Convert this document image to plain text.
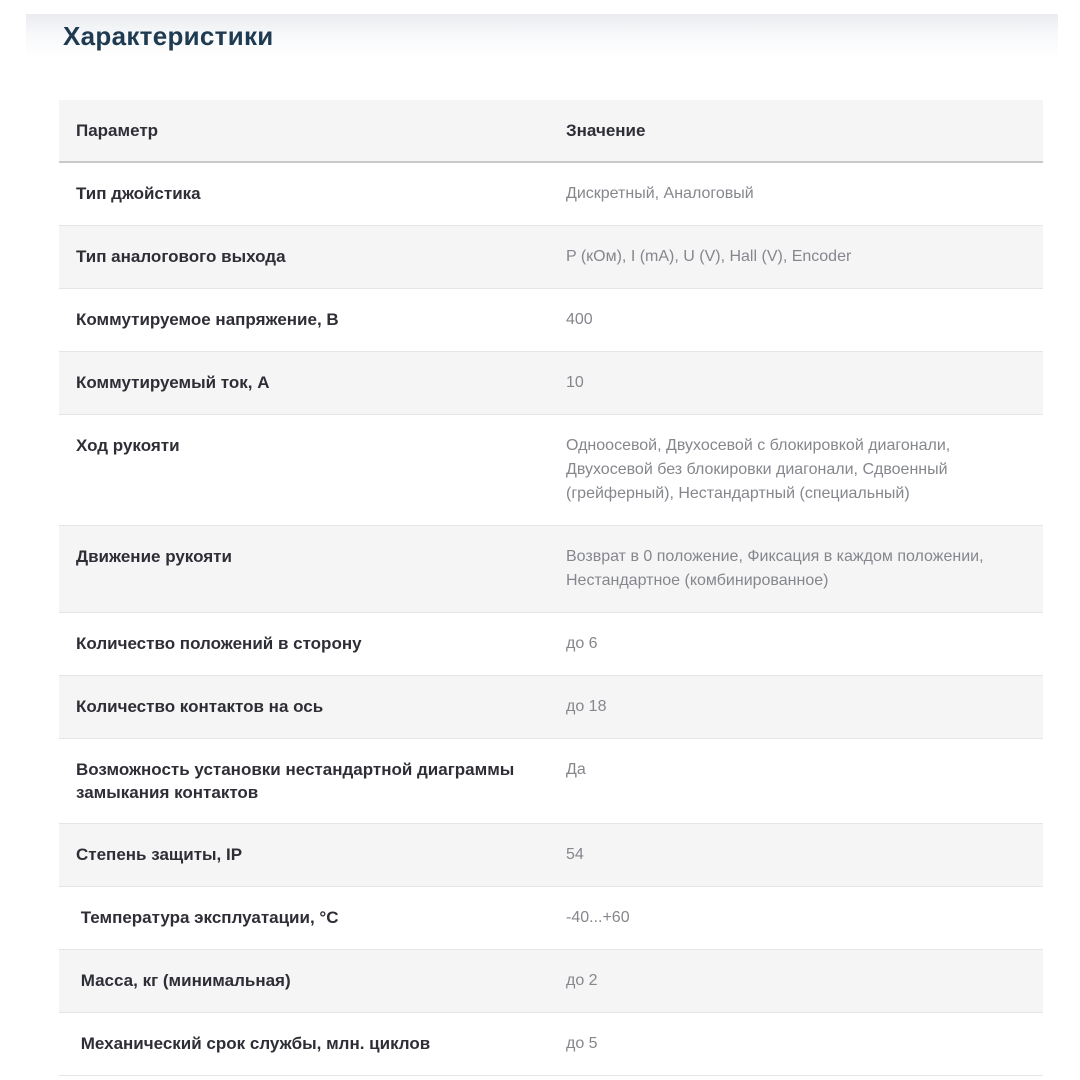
Характеристики
Параметр	Значение
Тип джойстика	Дискретный, Аналоговый
Тип аналогового выхода	P (кОм), I (mA), U (V), Hall (V), Encoder
Коммутируемое напряжение, В	400
Коммутируемый ток, А	10
Ход рукояти	Одноосевой, Двухосевой с блокировкой диагонали, Двухосевой без блокировки диагонали, Сдвоенный (грейферный), Нестандартный (специальный)
Движение рукояти	Возврат в 0 положение, Фиксация в каждом положении, Нестандартное (комбинированное)
Количество положений в сторону	до 6
Количество контактов на ось	до 18
Возможность установки нестандартной диаграммы замыкания контактов	Да
Степень защиты, IP	54
Температура эксплуатации, °C	-40...+60
Масса, кг (минимальная)	до 2
Механический срок службы, млн. циклов	до 5
